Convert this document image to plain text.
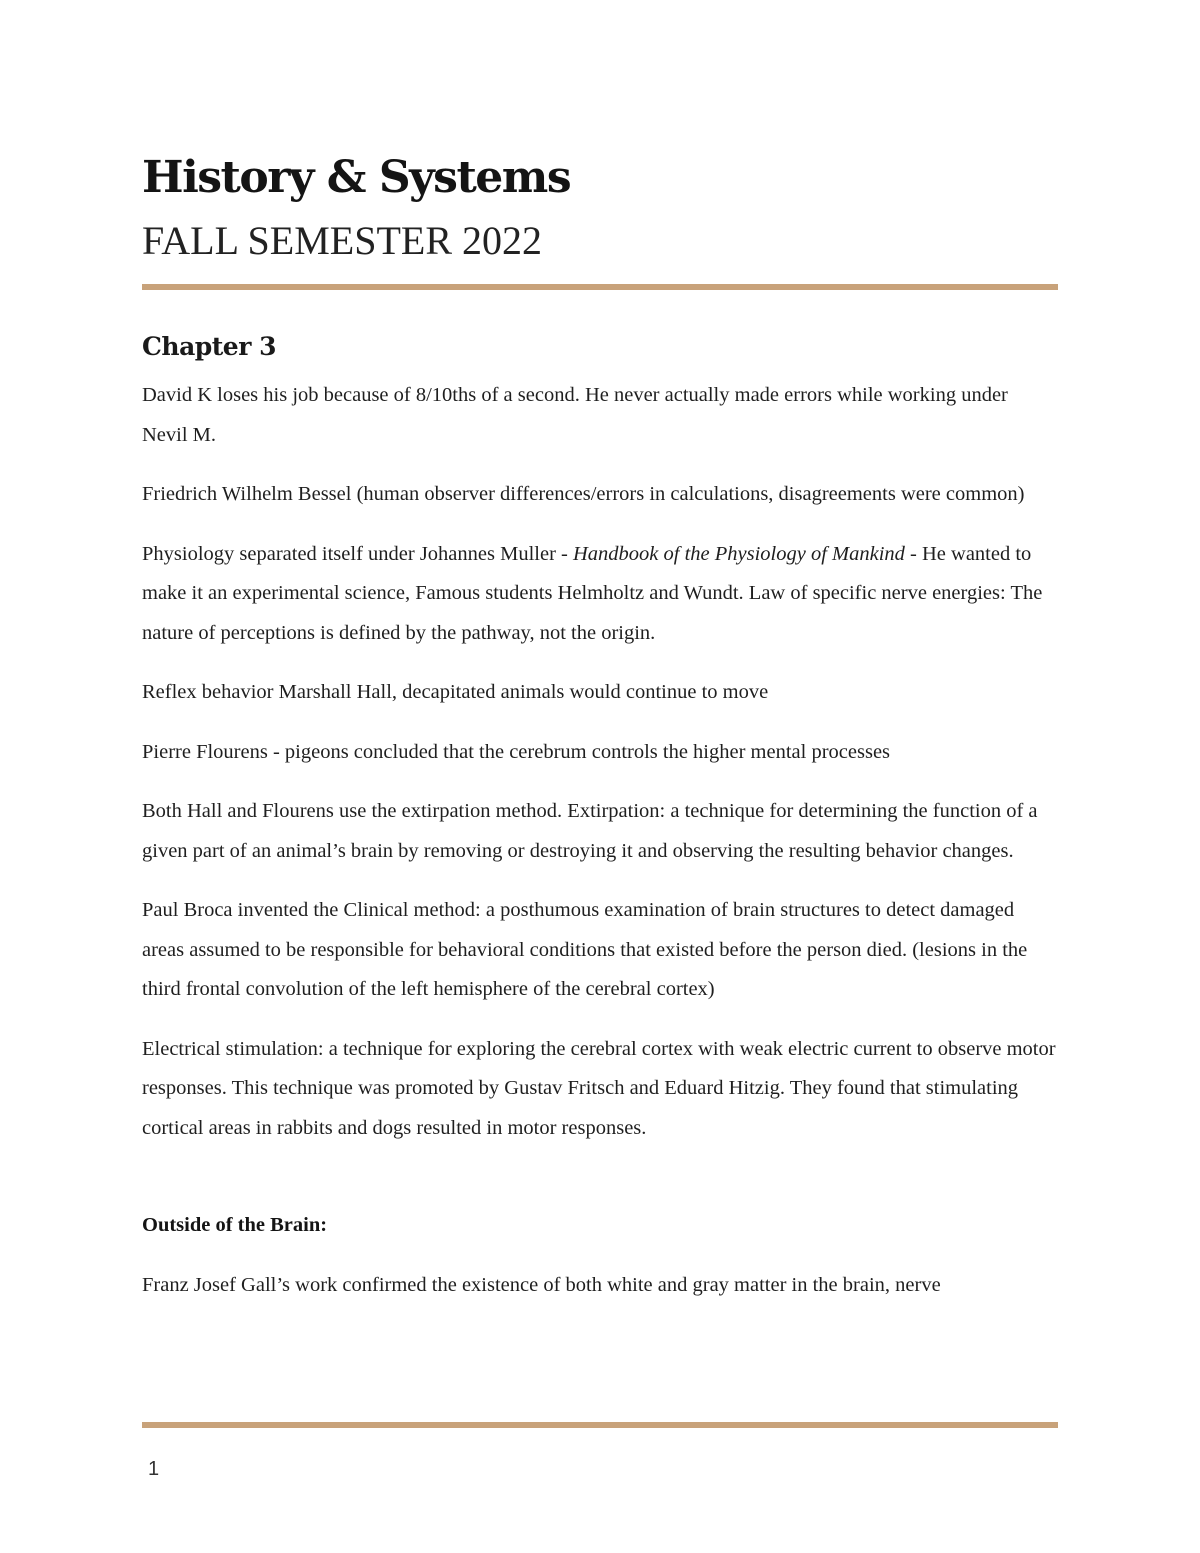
History & Systems
FALL SEMESTER 2022
Chapter 3

David K loses his job because of 8/10ths of a second. He never actually made errors while working under Nevil M.

Friedrich Wilhelm Bessel (human observer differences/errors in calculations, disagreements were common)

Physiology separated itself under Johannes Muller - Handbook of the Physiology of Mankind - He wanted to make it an experimental science, Famous students Helmholtz and Wundt. Law of specific nerve energies: The nature of perceptions is defined by the pathway, not the origin.

Reflex behavior Marshall Hall, decapitated animals would continue to move

Pierre Flourens - pigeons concluded that the cerebrum controls the higher mental processes

Both Hall and Flourens use the extirpation method. Extirpation: a technique for determining the function of a given part of an animal’s brain by removing or destroying it and observing the resulting behavior changes.

Paul Broca invented the Clinical method: a posthumous examination of brain structures to detect damaged areas assumed to be responsible for behavioral conditions that existed before the person died. (lesions in the third frontal convolution of the left hemisphere of the cerebral cortex)

Electrical stimulation: a technique for exploring the cerebral cortex with weak electric current to observe motor responses. This technique was promoted by Gustav Fritsch and Eduard Hitzig. They found that stimulating cortical areas in rabbits and dogs resulted in motor responses.

Outside of the Brain:

Franz Josef Gall’s work confirmed the existence of both white and gray matter in the brain, nerve

1
